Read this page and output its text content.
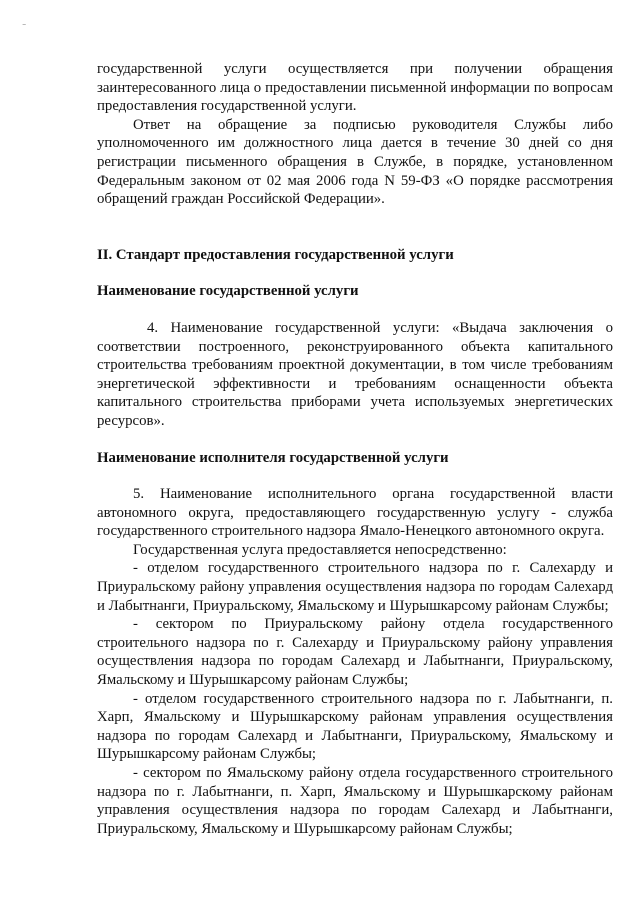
-

государственной услуги осуществляется при получении обращения заинтересованного лица о предоставлении письменной информации по вопросам предоставления государственной услуги.

Ответ на обращение за подписью руководителя Службы либо уполномоченного им должностного лица дается в течение 30 дней со дня регистрации письменного обращения в Службе, в порядке, установленном Федеральным законом от 02 мая 2006 года N 59-ФЗ «О порядке рассмотрения обращений граждан Российской Федерации».

II. Стандарт предоставления государственной услуги

Наименование государственной услуги

4. Наименование государственной услуги: «Выдача заключения о соответствии построенного, реконструированного объекта капитального строительства требованиям проектной документации, в том числе требованиям энергетической эффективности и требованиям оснащенности объекта капитального строительства приборами учета используемых энергетических ресурсов».

Наименование исполнителя государственной услуги

5. Наименование исполнительного органа государственной власти автономного округа, предоставляющего государственную услугу - служба государственного строительного надзора Ямало-Ненецкого автономного округа.

Государственная услуга предоставляется непосредственно:

- отделом государственного строительного надзора по г. Салехарду и Приуральскому району управления осуществления надзора по городам Салехард и Лабытнанги, Приуральскому, Ямальскому и Шурышкарсому районам Службы;

- сектором по Приуральскому району отдела государственного строительного надзора по г. Салехарду и Приуральскому району управления осуществления надзора по городам Салехард и Лабытнанги, Приуральскому, Ямальскому и Шурышкарсому районам Службы;

- отделом государственного строительного надзора по г. Лабытнанги, п. Харп, Ямальскому и Шурышкарскому районам управления осуществления надзора по городам Салехард и Лабытнанги, Приуральскому, Ямальскому и Шурышкарсому районам Службы;

- сектором по Ямальскому району отдела государственного строительного надзора по г. Лабытнанги, п. Харп, Ямальскому и Шурышкарскому районам управления осуществления надзора по городам Салехард и Лабытнанги, Приуральскому, Ямальскому и Шурышкарсому районам Службы;
